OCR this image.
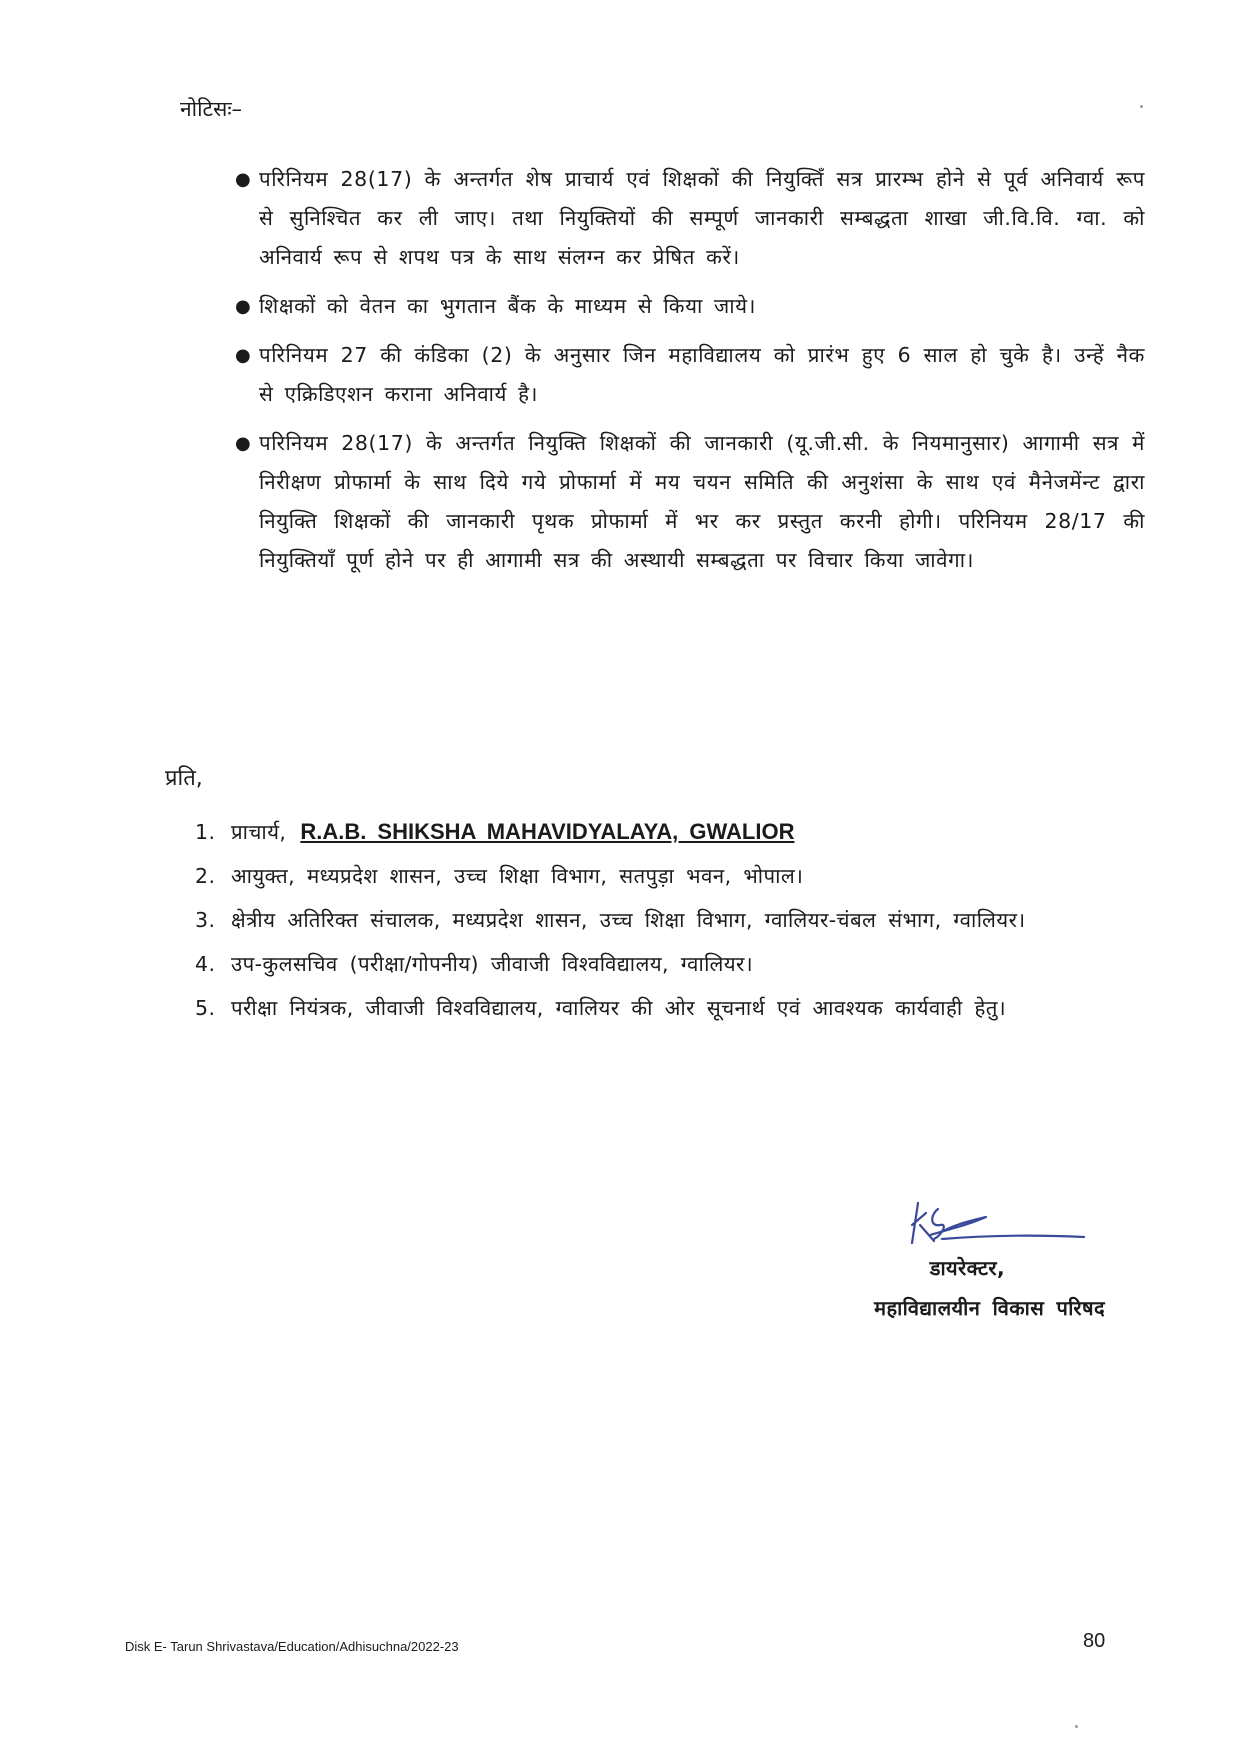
नोटिसः–
● परिनियम 28(17) के अन्तर्गत शेष प्राचार्य एवं शिक्षकों की नियुक्तिँ सत्र प्रारम्भ होने से पूर्व अनिवार्य रूप से सुनिश्चित कर ली जाए। तथा नियुक्तियों की सम्पूर्ण जानकारी सम्बद्धता शाखा जी.वि.वि. ग्वा. को अनिवार्य रूप से शपथ पत्र के साथ संलग्न कर प्रेषित करें।
● शिक्षकों को वेतन का भुगतान बैंक के माध्यम से किया जाये।
● परिनियम 27 की कंडिका (2) के अनुसार जिन महाविद्यालय को प्रारंभ हुए 6 साल हो चुके है। उन्हें नैक से एक्रिडिएशन कराना अनिवार्य है।
● परिनियम 28(17) के अन्तर्गत नियुक्ति शिक्षकों की जानकारी (यू.जी.सी. के नियमानुसार) आगामी सत्र में निरीक्षण प्रोफार्मा के साथ दिये गये प्रोफार्मा में मय चयन समिति की अनुशंसा के साथ एवं मैनेजमेंन्ट द्वारा नियुक्ति शिक्षकों की जानकारी पृथक प्रोफार्मा में भर कर प्रस्तुत करनी होगी। परिनियम 28/17 की नियुक्तियाँ पूर्ण होने पर ही आगामी सत्र की अस्थायी सम्बद्धता पर विचार किया जावेगा।
प्रति,
1. प्राचार्य, R.A.B. SHIKSHA MAHAVIDYALAYA, GWALIOR
2. आयुक्त, मध्यप्रदेश शासन, उच्च शिक्षा विभाग, सतपुड़ा भवन, भोपाल।
3. क्षेत्रीय अतिरिक्त संचालक, मध्यप्रदेश शासन, उच्च शिक्षा विभाग, ग्वालियर-चंबल संभाग, ग्वालियर।
4. उप-कुलसचिव (परीक्षा/गोपनीय) जीवाजी विश्वविद्यालय, ग्वालियर।
5. परीक्षा नियंत्रक, जीवाजी विश्वविद्यालय, ग्वालियर की ओर सूचनार्थ एवं आवश्यक कार्यवाही हेतु।
डायरेक्टर,
महाविद्यालयीन विकास परिषद
Disk E- Tarun Shrivastava/Education/Adhisuchna/2022-23	80
